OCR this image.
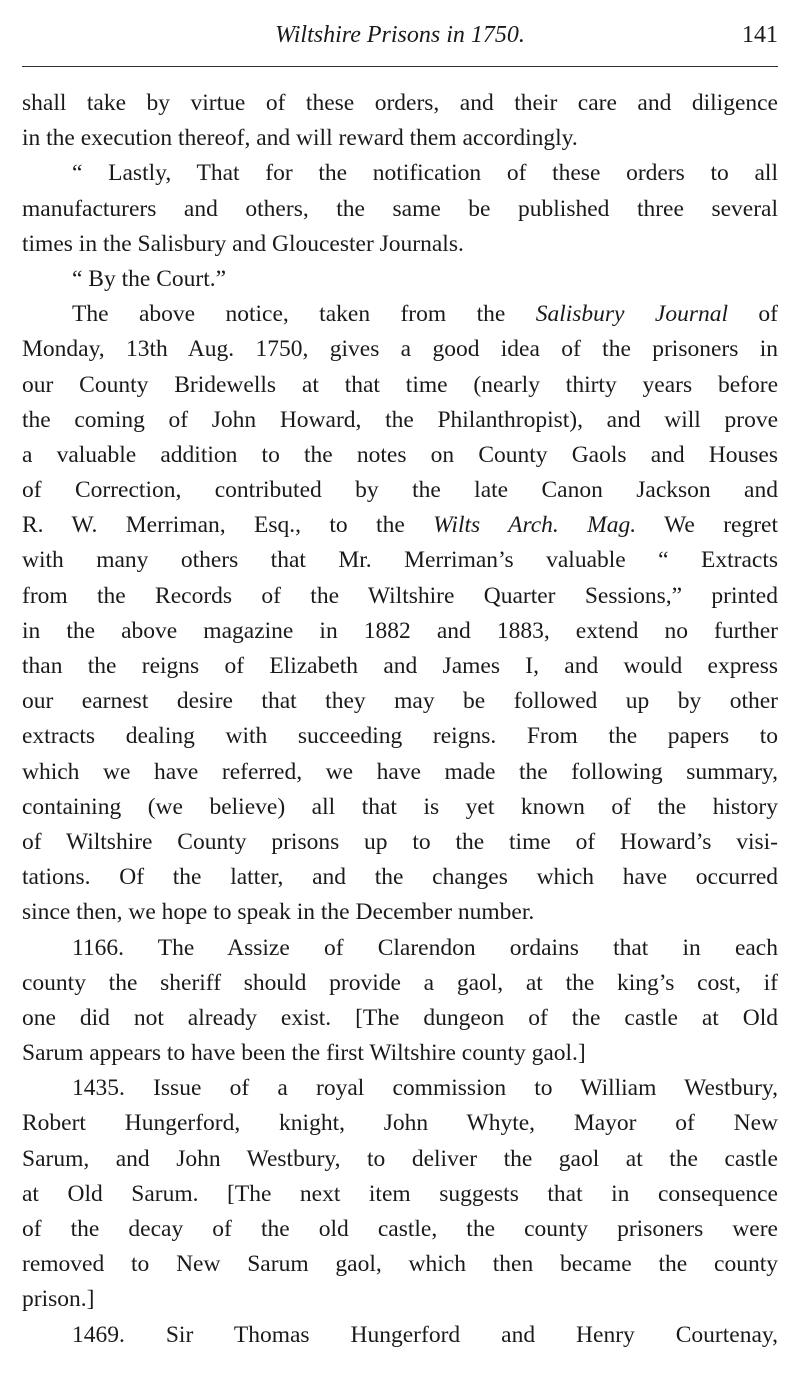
Wiltshire Prisons in 1750.	141
shall take by virtue of these orders, and their care and diligence
in the execution thereof, and will reward them accordingly.
“ Lastly, That for the notification of these orders to all
manufacturers and others, the same be published three several
times in the Salisbury and Gloucester Journals.
“ By the Court.”
The above notice, taken from the Salisbury Journal of
Monday, 13th Aug. 1750, gives a good idea of the prisoners in
our County Bridewells at that time (nearly thirty years before
the coming of John Howard, the Philanthropist), and will prove
a valuable addition to the notes on County Gaols and Houses
of Correction, contributed by the late Canon Jackson and
R. W. Merriman, Esq., to the Wilts Arch. Mag. We regret
with many others that Mr. Merriman’s valuable “ Extracts
from the Records of the Wiltshire Quarter Sessions,” printed
in the above magazine in 1882 and 1883, extend no further
than the reigns of Elizabeth and James I, and would express
our earnest desire that they may be followed up by other
extracts dealing with succeeding reigns. From the papers to
which we have referred, we have made the following summary,
containing (we believe) all that is yet known of the history
of Wiltshire County prisons up to the time of Howard’s visi-
tations. Of the latter, and the changes which have occurred
since then, we hope to speak in the December number.
1166. The Assize of Clarendon ordains that in each
county the sheriff should provide a gaol, at the king’s cost, if
one did not already exist. [The dungeon of the castle at Old
Sarum appears to have been the first Wiltshire county gaol.]
1435. Issue of a royal commission to William Westbury,
Robert Hungerford, knight, John Whyte, Mayor of New
Sarum, and John Westbury, to deliver the gaol at the castle
at Old Sarum. [The next item suggests that in consequence
of the decay of the old castle, the county prisoners were
removed to New Sarum gaol, which then became the county
prison.]
1469. Sir Thomas Hungerford and Henry Courtenay,
